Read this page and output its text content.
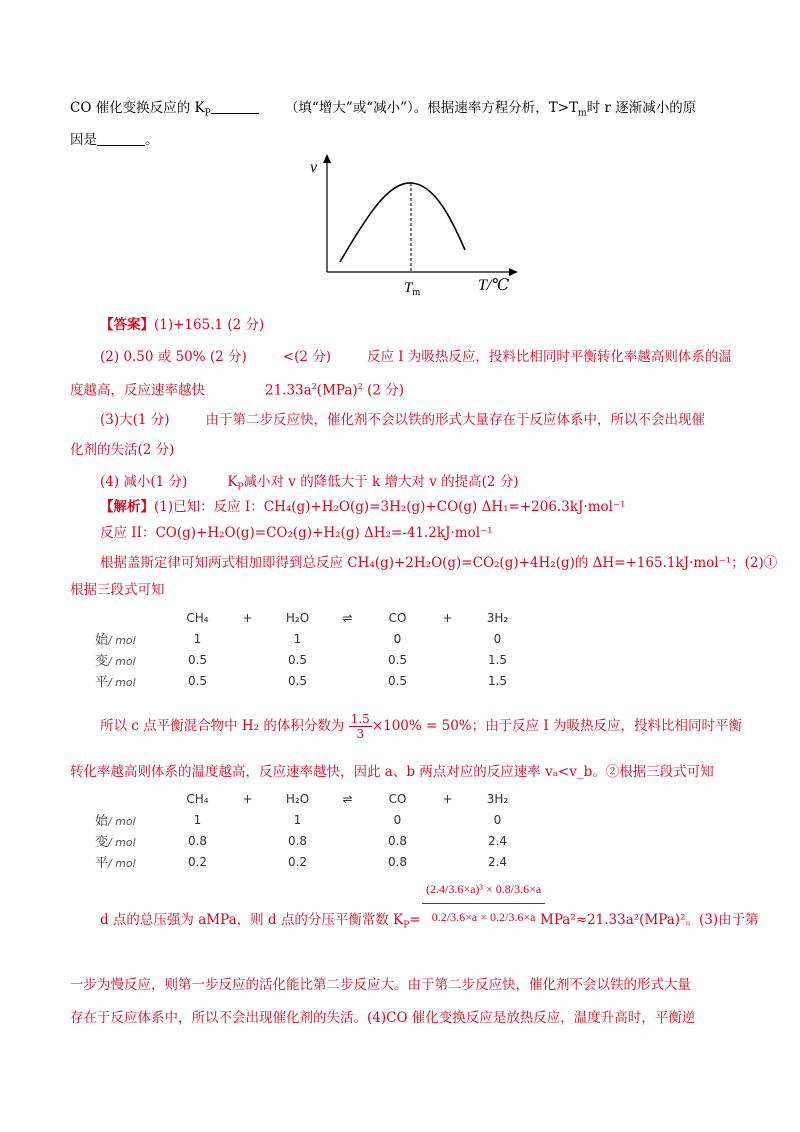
CO 催化变换反应的 $K_P$	（填“增大”或“减小”）。根据速率方程分析，$T>T_m$时 r 逐渐减小的原
因是	。
v
$T_m$	T/℃
【答案】(1)+165.1 (2 分)
(2) 0.50 或 50% (2 分)	<(2 分)	反应 I 为吸热反应，投料比相同时平衡转化率越高则体系的温
度越高，反应速率越快	$21.33a^2(MPa)^2$ (2 分)
(3)大(1 分)	由于第二步反应快，催化剂不会以铁的形式大量存在于反应体系中，所以不会出现催
化剂的失活(2 分)
(4) 减小(1 分)	$K_P$减小对 v 的降低大于 k 增大对 v 的提高(2 分)
【解析】(1)已知：反应 I：CH₄(g)+H₂O(g)=3H₂(g)+CO(g) ΔH₁=+206.3kJ·mol⁻¹
反应 II：CO(g)+H₂O(g)=CO₂(g)+H₂(g) ΔH₂=-41.2kJ·mol⁻¹
根据盖斯定律可知两式相加即得到总反应 CH₄(g)+2H₂O(g)=CO₂(g)+4H₂(g)的 ΔH=+165.1kJ·mol⁻¹；(2)①
根据三段式可知
	CH₄	+	H₂O	⇌	CO	+	3H₂
始/ mol	1		1		0		0
变/ mol	0.5		0.5		0.5		1.5
平/ mol	0.5		0.5		0.5		1.5
所以 c 点平衡混合物中 H₂ 的体积分数为 $\frac{1.5}{3} \times 100\% = 50\%$；由于反应 I 为吸热反应，投料比相同时平衡
转化率越高则体系的温度越高，反应速率越快，因此 a、b 两点对应的反应速率 vₐ<v_b。②根据三段式可知
	CH₄	+	H₂O	⇌	CO	+	3H₂
始/ mol	1		1		0		0
变/ mol	0.8		0.8		0.8		2.4
平/ mol	0.2		0.2		0.8		2.4
d 点的总压强为 aMPa，则 d 点的分压平衡常数 $K_P= \frac{\text{(2.4/3.6×a)³ × 0.8/3.6×a}}{0.2/3.6\times a \times 0.2/3.6\times a}$
MPa²≈21.33a²(MPa)²。(3)由于第
一步为慢反应，则第一步反应的活化能比第二步反应大。由于第二步反应快，催化剂不会以铁的形式大量
存在于反应体系中，所以不会出现催化剂的失活。(4)CO 催化变换反应是放热反应，温度升高时，平衡逆
